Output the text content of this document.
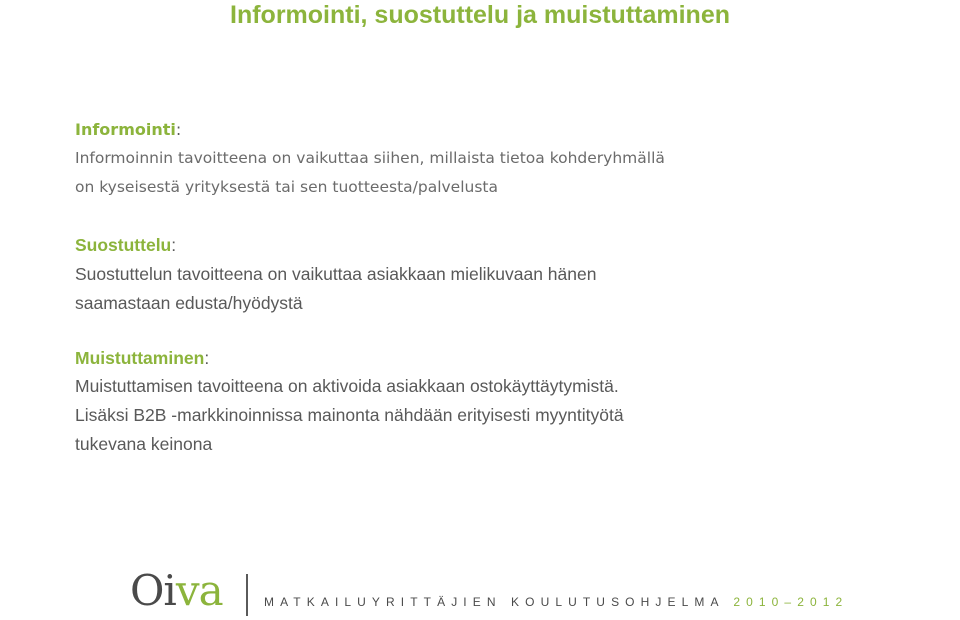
Informointi, suostuttelu ja muistuttaminen
Informointi:
Informoinnin tavoitteena on vaikuttaa siihen, millaista tietoa kohderyhmällä
on kyseisestä yrityksestä tai sen tuotteesta/palvelusta
Suostuttelu:
Suostuttelun tavoitteena on vaikuttaa asiakkaan mielikuvaan hänen
saamastaan edusta/hyödystä
Muistuttaminen:
Muistuttamisen tavoitteena on aktivoida asiakkaan ostokäyttäytymistä.
Lisäksi B2B -markkinoinnissa mainonta nähdään erityisesti myyntityötä
tukevana keinona
Oiva	MATKAILUYRITTÄJIEN KOULUTUSOHJELMA 2010–2012
